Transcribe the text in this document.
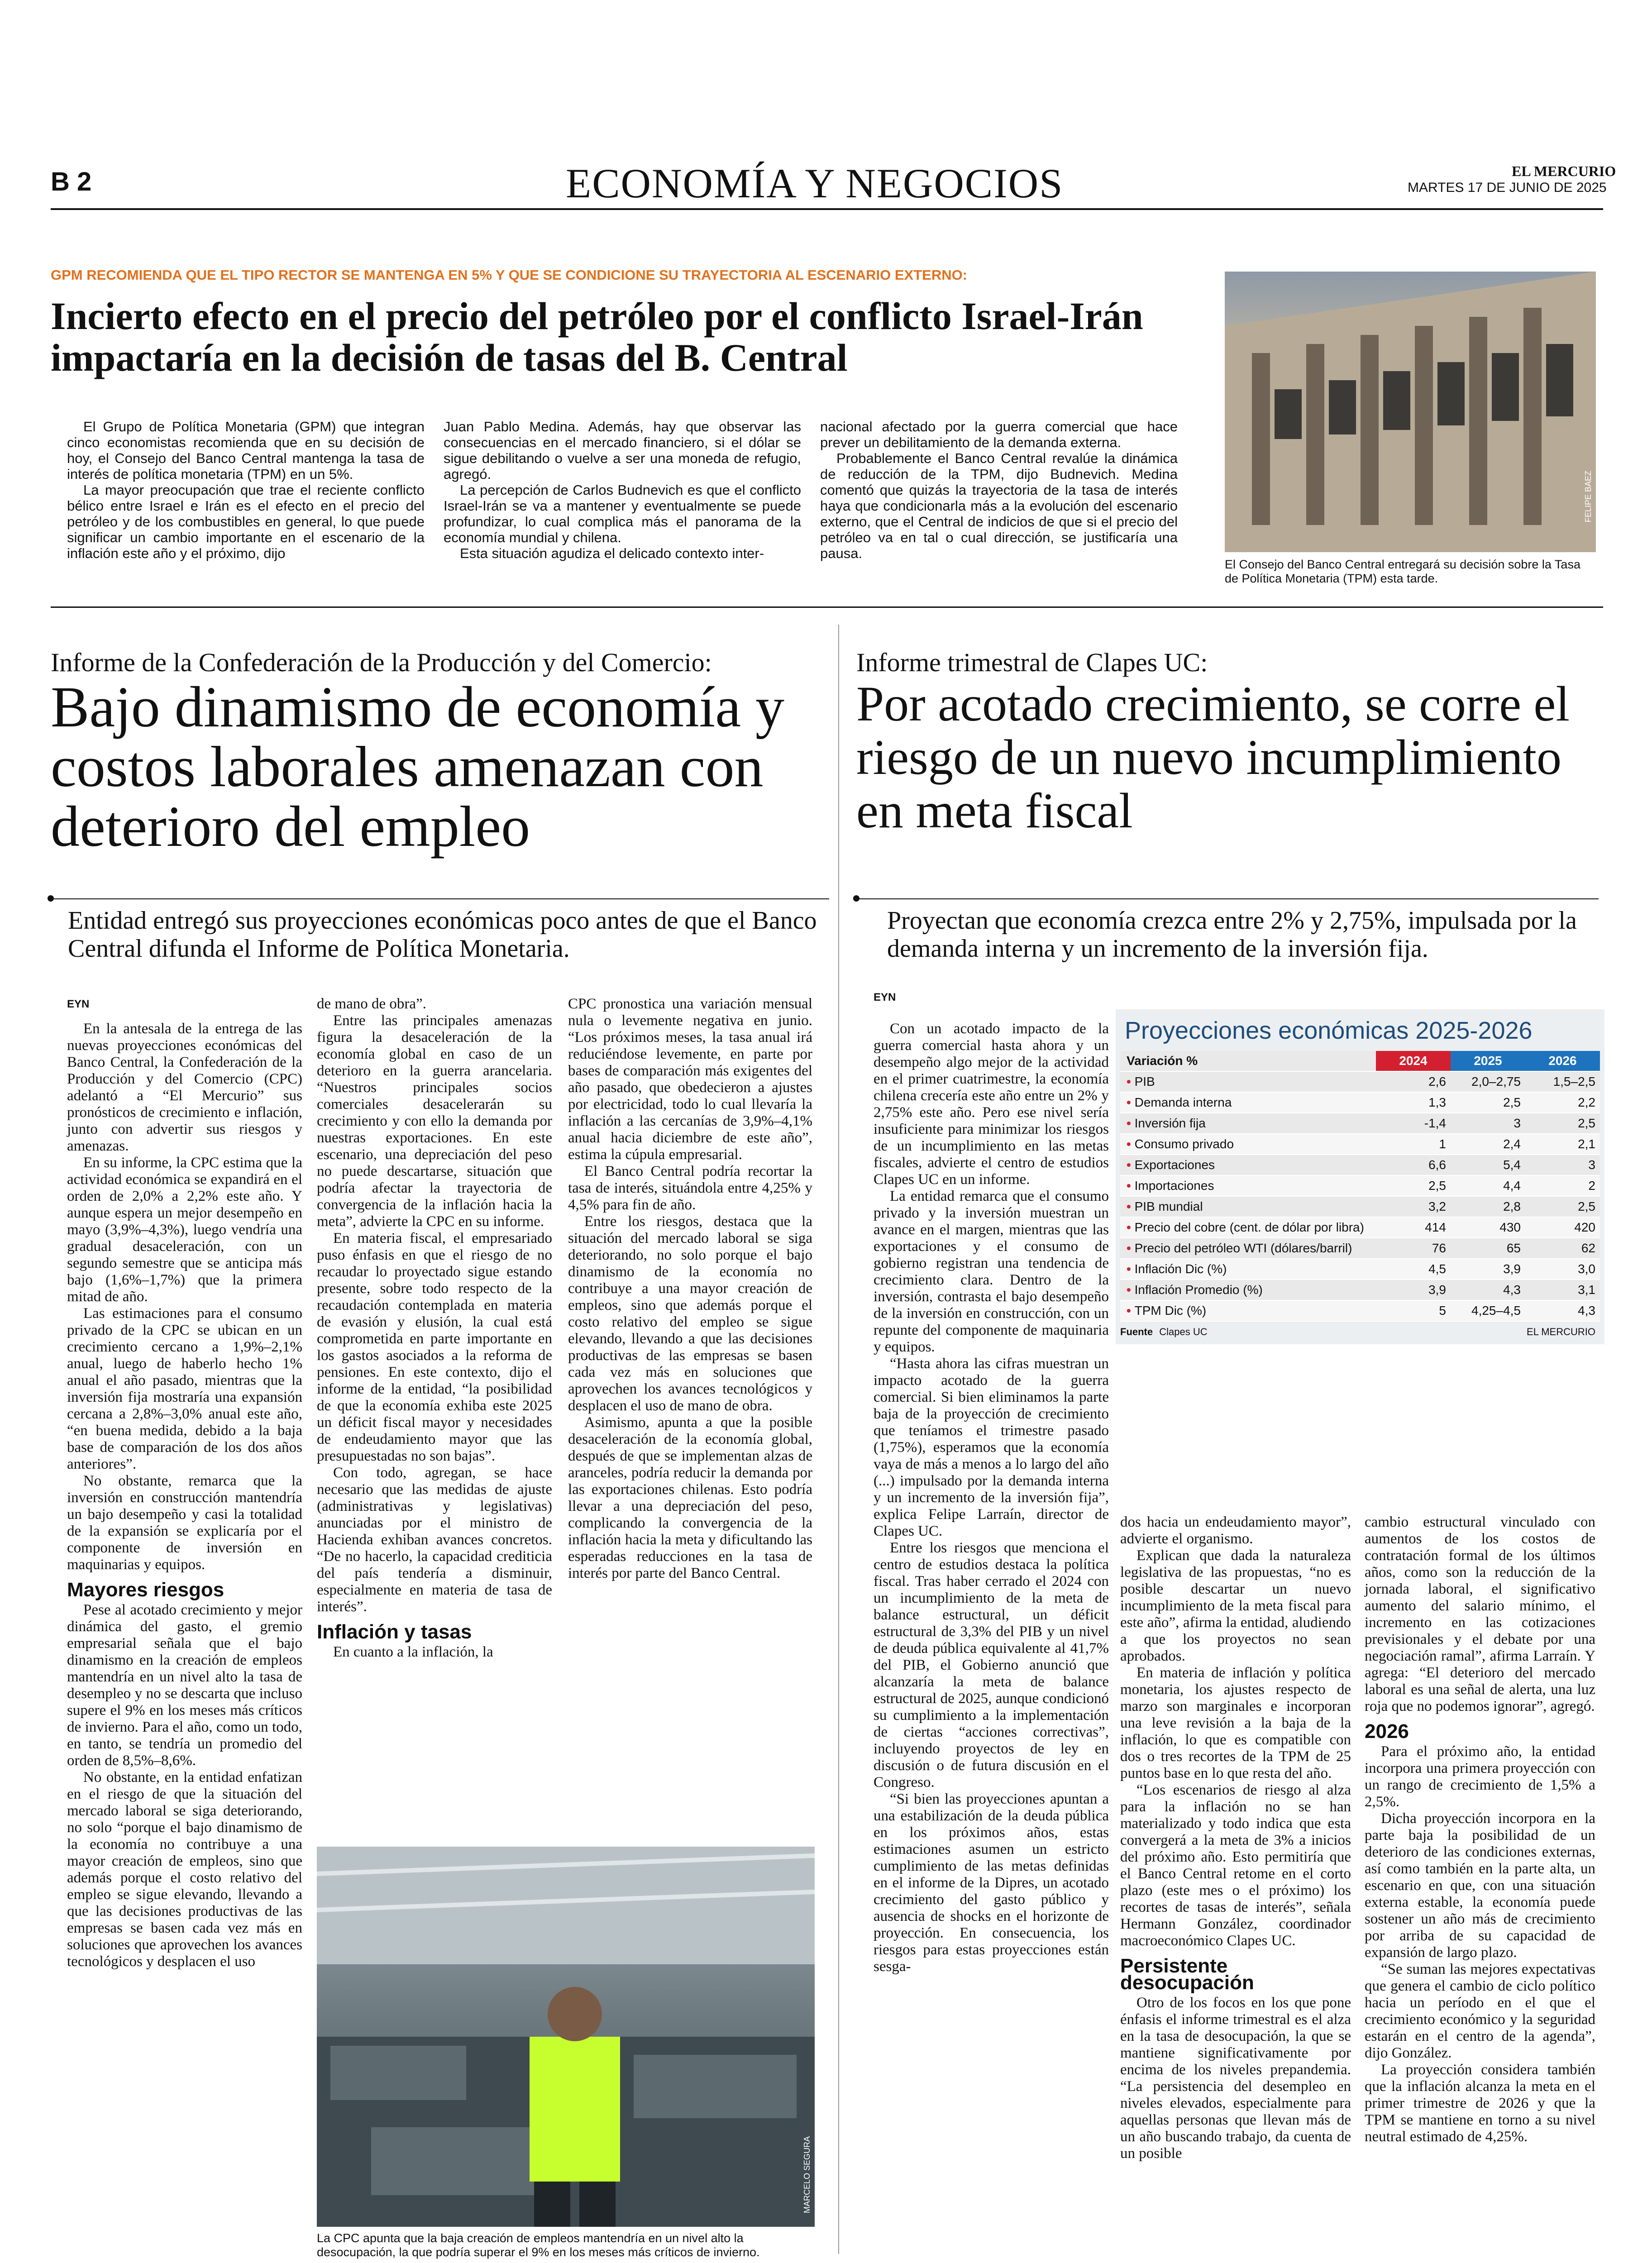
B 2	ECONOMÍA Y NEGOCIOS	EL MERCURIO
MARTES 17 DE JUNIO DE 2025
GPM RECOMIENDA QUE EL TIPO RECTOR SE MANTENGA EN 5% Y QUE SE CONDICIONE SU TRAYECTORIA AL ESCENARIO EXTERNO:
Incierto efecto en el precio del petróleo por el conflicto Israel-Irán impactaría en la decisión de tasas del B. Central

El Grupo de Política Monetaria (GPM) que integran cinco economistas recomienda que en su decisión de hoy, el Consejo del Banco Central mantenga la tasa de interés de política monetaria (TPM) en un 5%.

La mayor preocupación que trae el reciente conflicto bélico entre Israel e Irán es el efecto en el precio del petróleo y de los combustibles en general, lo que puede significar un cambio importante en el escenario de la inflación este año y el próximo, dijo

Juan Pablo Medina. Además, hay que observar las consecuencias en el mercado financiero, si el dólar se sigue debilitando o vuelve a ser una moneda de refugio, agregó.

La percepción de Carlos Budnevich es que el conflicto Israel-Irán se va a mantener y eventualmente se puede profundizar, lo cual complica más el panorama de la economía mundial y chilena.

Esta situación agudiza el delicado contexto inter-

nacional afectado por la guerra comercial que hace prever un debilitamiento de la demanda externa.

Probablemente el Banco Central revalúe la dinámica de reducción de la TPM, dijo Budnevich. Medina comentó que quizás la trayectoria de la tasa de interés haya que condicionarla más a la evolución del escenario externo, que el Central de indicios de que si el precio del petróleo va en tal o cual dirección, se justificaría una pausa.

FELIPE BAEZ
El Consejo del Banco Central entregará su decisión sobre la Tasa de Política Monetaria (TPM) esta tarde.
Informe de la Confederación de la Producción y del Comercio:
Bajo dinamismo de economía y costos laborales amenazan con deterioro del empleo
Entidad entregó sus proyecciones económicas poco antes de que el Banco Central difunda el Informe de Política Monetaria.
EYN

En la antesala de la entrega de las nuevas proyecciones económicas del Banco Central, la Confederación de la Producción y del Comercio (CPC) adelantó a “El Mercurio” sus pronósticos de crecimiento e inflación, junto con advertir sus riesgos y amenazas.

En su informe, la CPC estima que la actividad económica se expandirá en el orden de 2,0% a 2,2% este año. Y aunque espera un mejor desempeño en mayo (3,9%–4,3%), luego vendría una gradual desaceleración, con un segundo semestre que se anticipa más bajo (1,6%–1,7%) que la primera mitad de año.

Las estimaciones para el consumo privado de la CPC se ubican en un crecimiento cercano a 1,9%–2,1% anual, luego de haberlo hecho 1% anual el año pasado, mientras que la inversión fija mostraría una expansión cercana a 2,8%–3,0% anual este año, “en buena medida, debido a la baja base de comparación de los dos años anteriores”.

No obstante, remarca que la inversión en construcción mantendría un bajo desempeño y casi la totalidad de la expansión se explicaría por el componente de inversión en maquinarias y equipos.

Mayores riesgos

Pese al acotado crecimiento y mejor dinámica del gasto, el gremio empresarial señala que el bajo dinamismo en la creación de empleos mantendría en un nivel alto la tasa de desempleo y no se descarta que incluso supere el 9% en los meses más críticos de invierno. Para el año, como un todo, en tanto, se tendría un promedio del orden de 8,5%–8,6%.

No obstante, en la entidad enfatizan en el riesgo de que la situación del mercado laboral se siga deteriorando, no solo “porque el bajo dinamismo de la economía no contribuye a una mayor creación de empleos, sino que además porque el costo relativo del empleo se sigue elevando, llevando a que las decisiones productivas de las empresas se basen cada vez más en soluciones que aprovechen los avances tecnológicos y desplacen el uso

de mano de obra”.

Entre las principales amenazas figura la desaceleración de la economía global en caso de un deterioro en la guerra arancelaria. “Nuestros principales socios comerciales desacelerarán su crecimiento y con ello la demanda por nuestras exportaciones. En este escenario, una depreciación del peso no puede descartarse, situación que podría afectar la trayectoria de convergencia de la inflación hacia la meta”, advierte la CPC en su informe.

En materia fiscal, el empresariado puso énfasis en que el riesgo de no recaudar lo proyectado sigue estando presente, sobre todo respecto de la recaudación contemplada en materia de evasión y elusión, la cual está comprometida en parte importante en los gastos asociados a la reforma de pensiones. En este contexto, dijo el informe de la entidad, “la posibilidad de que la economía exhiba este 2025 un déficit fiscal mayor y necesidades de endeudamiento mayor que las presupuestadas no son bajas”.

Con todo, agregan, se hace necesario que las medidas de ajuste (administrativas y legislativas) anunciadas por el ministro de Hacienda exhiban avances concretos. “De no hacerlo, la capacidad crediticia del país tendería a disminuir, especialmente en materia de tasa de interés”.

Inflación y tasas

En cuanto a la inflación, la

CPC pronostica una variación mensual nula o levemente negativa en junio. “Los próximos meses, la tasa anual irá reduciéndose levemente, en parte por bases de comparación más exigentes del año pasado, que obedecieron a ajustes por electricidad, todo lo cual llevaría la inflación a las cercanías de 3,9%–4,1% anual hacia diciembre de este año”, estima la cúpula empresarial.

El Banco Central podría recortar la tasa de interés, situándola entre 4,25% y 4,5% para fin de año.

Entre los riesgos, destaca que la situación del mercado laboral se siga deteriorando, no solo porque el bajo dinamismo de la economía no contribuye a una mayor creación de empleos, sino que además porque el costo relativo del empleo se sigue elevando, llevando a que las decisiones productivas de las empresas se basen cada vez más en soluciones que aprovechen los avances tecnológicos y desplacen el uso de mano de obra.

Asimismo, apunta a que la posible desaceleración de la economía global, después de que se implementan alzas de aranceles, podría reducir la demanda por las exportaciones chilenas. Esto podría llevar a una depreciación del peso, complicando la convergencia de la inflación hacia la meta y dificultando las esperadas reducciones en la tasa de interés por parte del Banco Central.

MARCELO SEGURA
La CPC apunta que la baja creación de empleos mantendría en un nivel alto la desocupación, la que podría superar el 9% en los meses más críticos de invierno.
Informe trimestral de Clapes UC:
Por acotado crecimiento, se corre el riesgo de un nuevo incumplimiento en meta fiscal
Proyectan que economía crezca entre 2% y 2,75%, impulsada por la demanda interna y un incremento de la inversión fija.
EYN

Con un acotado impacto de la guerra comercial hasta ahora y un desempeño algo mejor de la actividad en el primer cuatrimestre, la economía chilena crecería este año entre un 2% y 2,75% este año. Pero ese nivel sería insuficiente para minimizar los riesgos de un incumplimiento en las metas fiscales, advierte el centro de estudios Clapes UC en un informe.

La entidad remarca que el consumo privado y la inversión muestran un avance en el margen, mientras que las exportaciones y el consumo de gobierno registran una tendencia de crecimiento clara. Dentro de la inversión, contrasta el bajo desempeño de la inversión en construcción, con un repunte del componente de maquinaria y equipos.

“Hasta ahora las cifras muestran un impacto acotado de la guerra comercial. Si bien eliminamos la parte baja de la proyección de crecimiento que teníamos el trimestre pasado (1,75%), esperamos que la economía vaya de más a menos a lo largo del año (...) impulsado por la demanda interna y un incremento de la inversión fija”, explica Felipe Larraín, director de Clapes UC.

Entre los riesgos que menciona el centro de estudios destaca la política fiscal. Tras haber cerrado el 2024 con un incumplimiento de la meta de balance estructural, un déficit estructural de 3,3% del PIB y un nivel de deuda pública equivalente al 41,7% del PIB, el Gobierno anunció que alcanzaría la meta de balance estructural de 2025, aunque condicionó su cumplimiento a la implementación de ciertas “acciones correctivas”, incluyendo proyectos de ley en discusión o de futura discusión en el Congreso.

“Si bien las proyecciones apuntan a una estabilización de la deuda pública en los próximos años, estas estimaciones asumen un estricto cumplimiento de las metas definidas en el informe de la Dipres, un acotado crecimiento del gasto público y ausencia de shocks en el horizonte de proyección. En consecuencia, los riesgos para estas proyecciones están sesga-

Proyecciones económicas 2025-2026
Variación %	2024	2025	2026
• PIB	2,6	2,0–2,75	1,5–2,5
• Demanda interna	1,3	2,5	2,2
• Inversión fija	-1,4	3	2,5
• Consumo privado	1	2,4	2,1
• Exportaciones	6,6	5,4	3
• Importaciones	2,5	4,4	2
• PIB mundial	3,2	2,8	2,5
• Precio del cobre (cent. de dólar por libra)	414	430	420
• Precio del petróleo WTI (dólares/barril)	76	65	62
• Inflación Dic (%)	4,5	3,9	3,0
• Inflación Promedio (%)	3,9	4,3	3,1
• TPM Dic (%)	5	4,25–4,5	4,3
Fuente Clapes UC	EL MERCURIO

dos hacia un endeudamiento mayor”, advierte el organismo.

Explican que dada la naturaleza legislativa de las propuestas, “no es posible descartar un nuevo incumplimiento de la meta fiscal para este año”, afirma la entidad, aludiendo a que los proyectos no sean aprobados.

En materia de inflación y política monetaria, los ajustes respecto de marzo son marginales e incorporan una leve revisión a la baja de la inflación, lo que es compatible con dos o tres recortes de la TPM de 25 puntos base en lo que resta del año.

“Los escenarios de riesgo al alza para la inflación no se han materializado y todo indica que esta convergerá a la meta de 3% a inicios del próximo año. Esto permitiría que el Banco Central retome en el corto plazo (este mes o el próximo) los recortes de tasas de interés”, señala Hermann González, coordinador macroeconómico Clapes UC.

Persistente desocupación

Otro de los focos en los que pone énfasis el informe trimestral es el alza en la tasa de desocupación, la que se mantiene significativamente por encima de los niveles prepandemia. “La persistencia del desempleo en niveles elevados, especialmente para aquellas personas que llevan más de un año buscando trabajo, da cuenta de un posible

cambio estructural vinculado con aumentos de los costos de contratación formal de los últimos años, como son la reducción de la jornada laboral, el significativo aumento del salario mínimo, el incremento en las cotizaciones previsionales y el debate por una negociación ramal”, afirma Larraín. Y agrega: “El deterioro del mercado laboral es una señal de alerta, una luz roja que no podemos ignorar”, agregó.

2026

Para el próximo año, la entidad incorpora una primera proyección con un rango de crecimiento de 1,5% a 2,5%.

Dicha proyección incorpora en la parte baja la posibilidad de un deterioro de las condiciones externas, así como también en la parte alta, un escenario en que, con una situación externa estable, la economía puede sostener un año más de crecimiento por arriba de su capacidad de expansión de largo plazo.

“Se suman las mejores expectativas que genera el cambio de ciclo político hacia un período en el que el crecimiento económico y la seguridad estarán en el centro de la agenda”, dijo González.

La proyección considera también que la inflación alcanza la meta en el primer trimestre de 2026 y que la TPM se mantiene en torno a su nivel neutral estimado de 4,25%.
